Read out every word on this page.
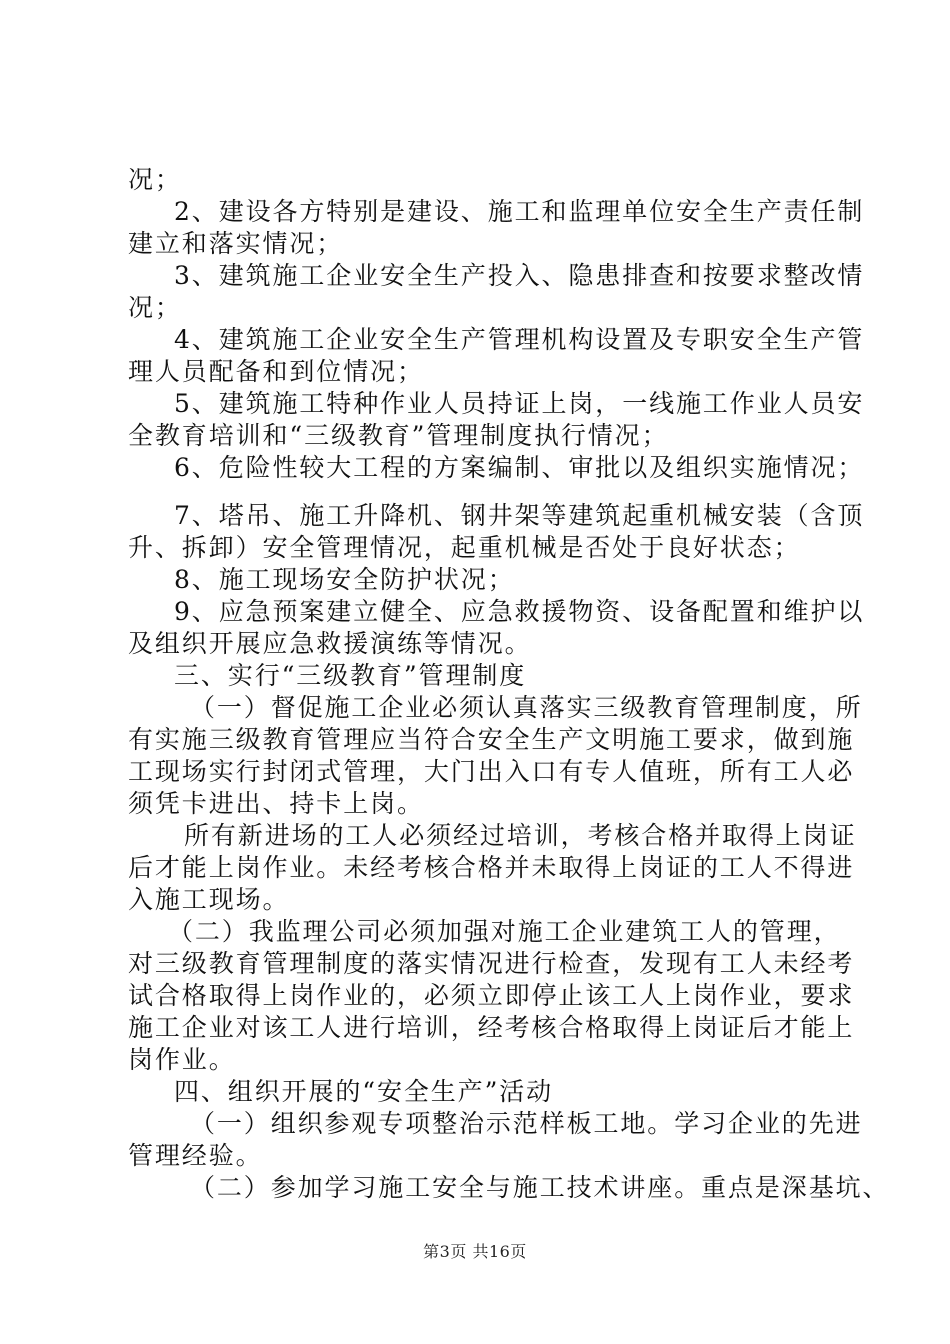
况；
2、建设各方特别是建设、施工和监理单位安全生产责任制
建立和落实情况；
3、建筑施工企业安全生产投入、隐患排查和按要求整改情
况；
4、建筑施工企业安全生产管理机构设置及专职安全生产管
理人员配备和到位情况；
5、建筑施工特种作业人员持证上岗，一线施工作业人员安
全教育培训和“三级教育”管理制度执行情况；
6、危险性较大工程的方案编制、审批以及组织实施情况；
7、塔吊、施工升降机、钢井架等建筑起重机械安装（含顶
升、拆卸）安全管理情况，起重机械是否处于良好状态；
8、施工现场安全防护状况；
9、应急预案建立健全、应急救援物资、设备配置和维护以
及组织开展应急救援演练等情况。
三、实行“三级教育”管理制度
（一）督促施工企业必须认真落实三级教育管理制度，所
有实施三级教育管理应当符合安全生产文明施工要求，做到施
工现场实行封闭式管理，大门出入口有专人值班，所有工人必
须凭卡进出、持卡上岗。
所有新进场的工人必须经过培训，考核合格并取得上岗证
后才能上岗作业。未经考核合格并未取得上岗证的工人不得进
入施工现场。
（二）我监理公司必须加强对施工企业建筑工人的管理，
对三级教育管理制度的落实情况进行检查，发现有工人未经考
试合格取得上岗作业的，必须立即停止该工人上岗作业，要求
施工企业对该工人进行培训，经考核合格取得上岗证后才能上
岗作业。
四、组织开展的“安全生产”活动
（一）组织参观专项整治示范样板工地。学习企业的先进
管理经验。
（二）参加学习施工安全与施工技术讲座。重点是深基坑、
第3页 共16页
